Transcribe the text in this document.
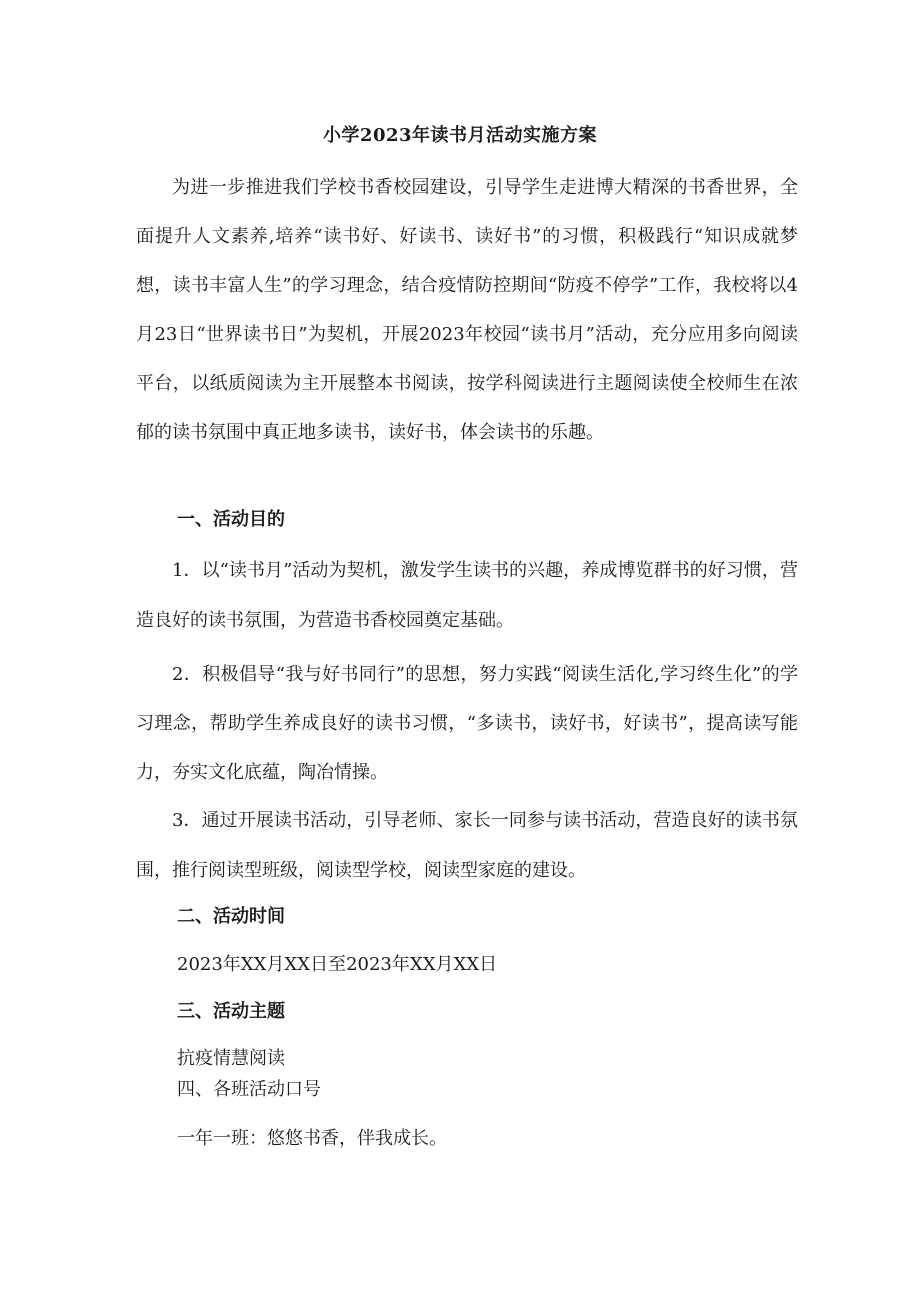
小学2023年读书月活动实施方案

为进一步推进我们学校书香校园建设，引导学生走进博大精深的书香世界，全面提升人文素养,培养“读书好、好读书、读好书”的习惯，积极践行“知识成就梦想，读书丰富人生”的学习理念，结合疫情防控期间“防疫不停学”工作，我校将以4月23日“世界读书日”为契机，开展2023年校园“读书月”活动，充分应用多向阅读平台，以纸质阅读为主开展整本书阅读，按学科阅读进行主题阅读使全校师生在浓郁的读书氛围中真正地多读书，读好书，体会读书的乐趣。

一、活动目的

1．以“读书月”活动为契机，激发学生读书的兴趣，养成博览群书的好习惯，营造良好的读书氛围，为营造书香校园奠定基础。

2．积极倡导“我与好书同行”的思想，努力实践“阅读生活化,学习终生化”的学习理念，帮助学生养成良好的读书习惯，“多读书，读好书，好读书”，提高读写能力，夯实文化底蕴，陶冶情操。

3．通过开展读书活动，引导老师、家长一同参与读书活动，营造良好的读书氛围，推行阅读型班级，阅读型学校，阅读型家庭的建设。

二、活动时间

2023年XX月XX日至2023年XX月XX日

三、活动主题

抗疫情慧阅读

四、各班活动口号

一年一班：悠悠书香，伴我成长。
